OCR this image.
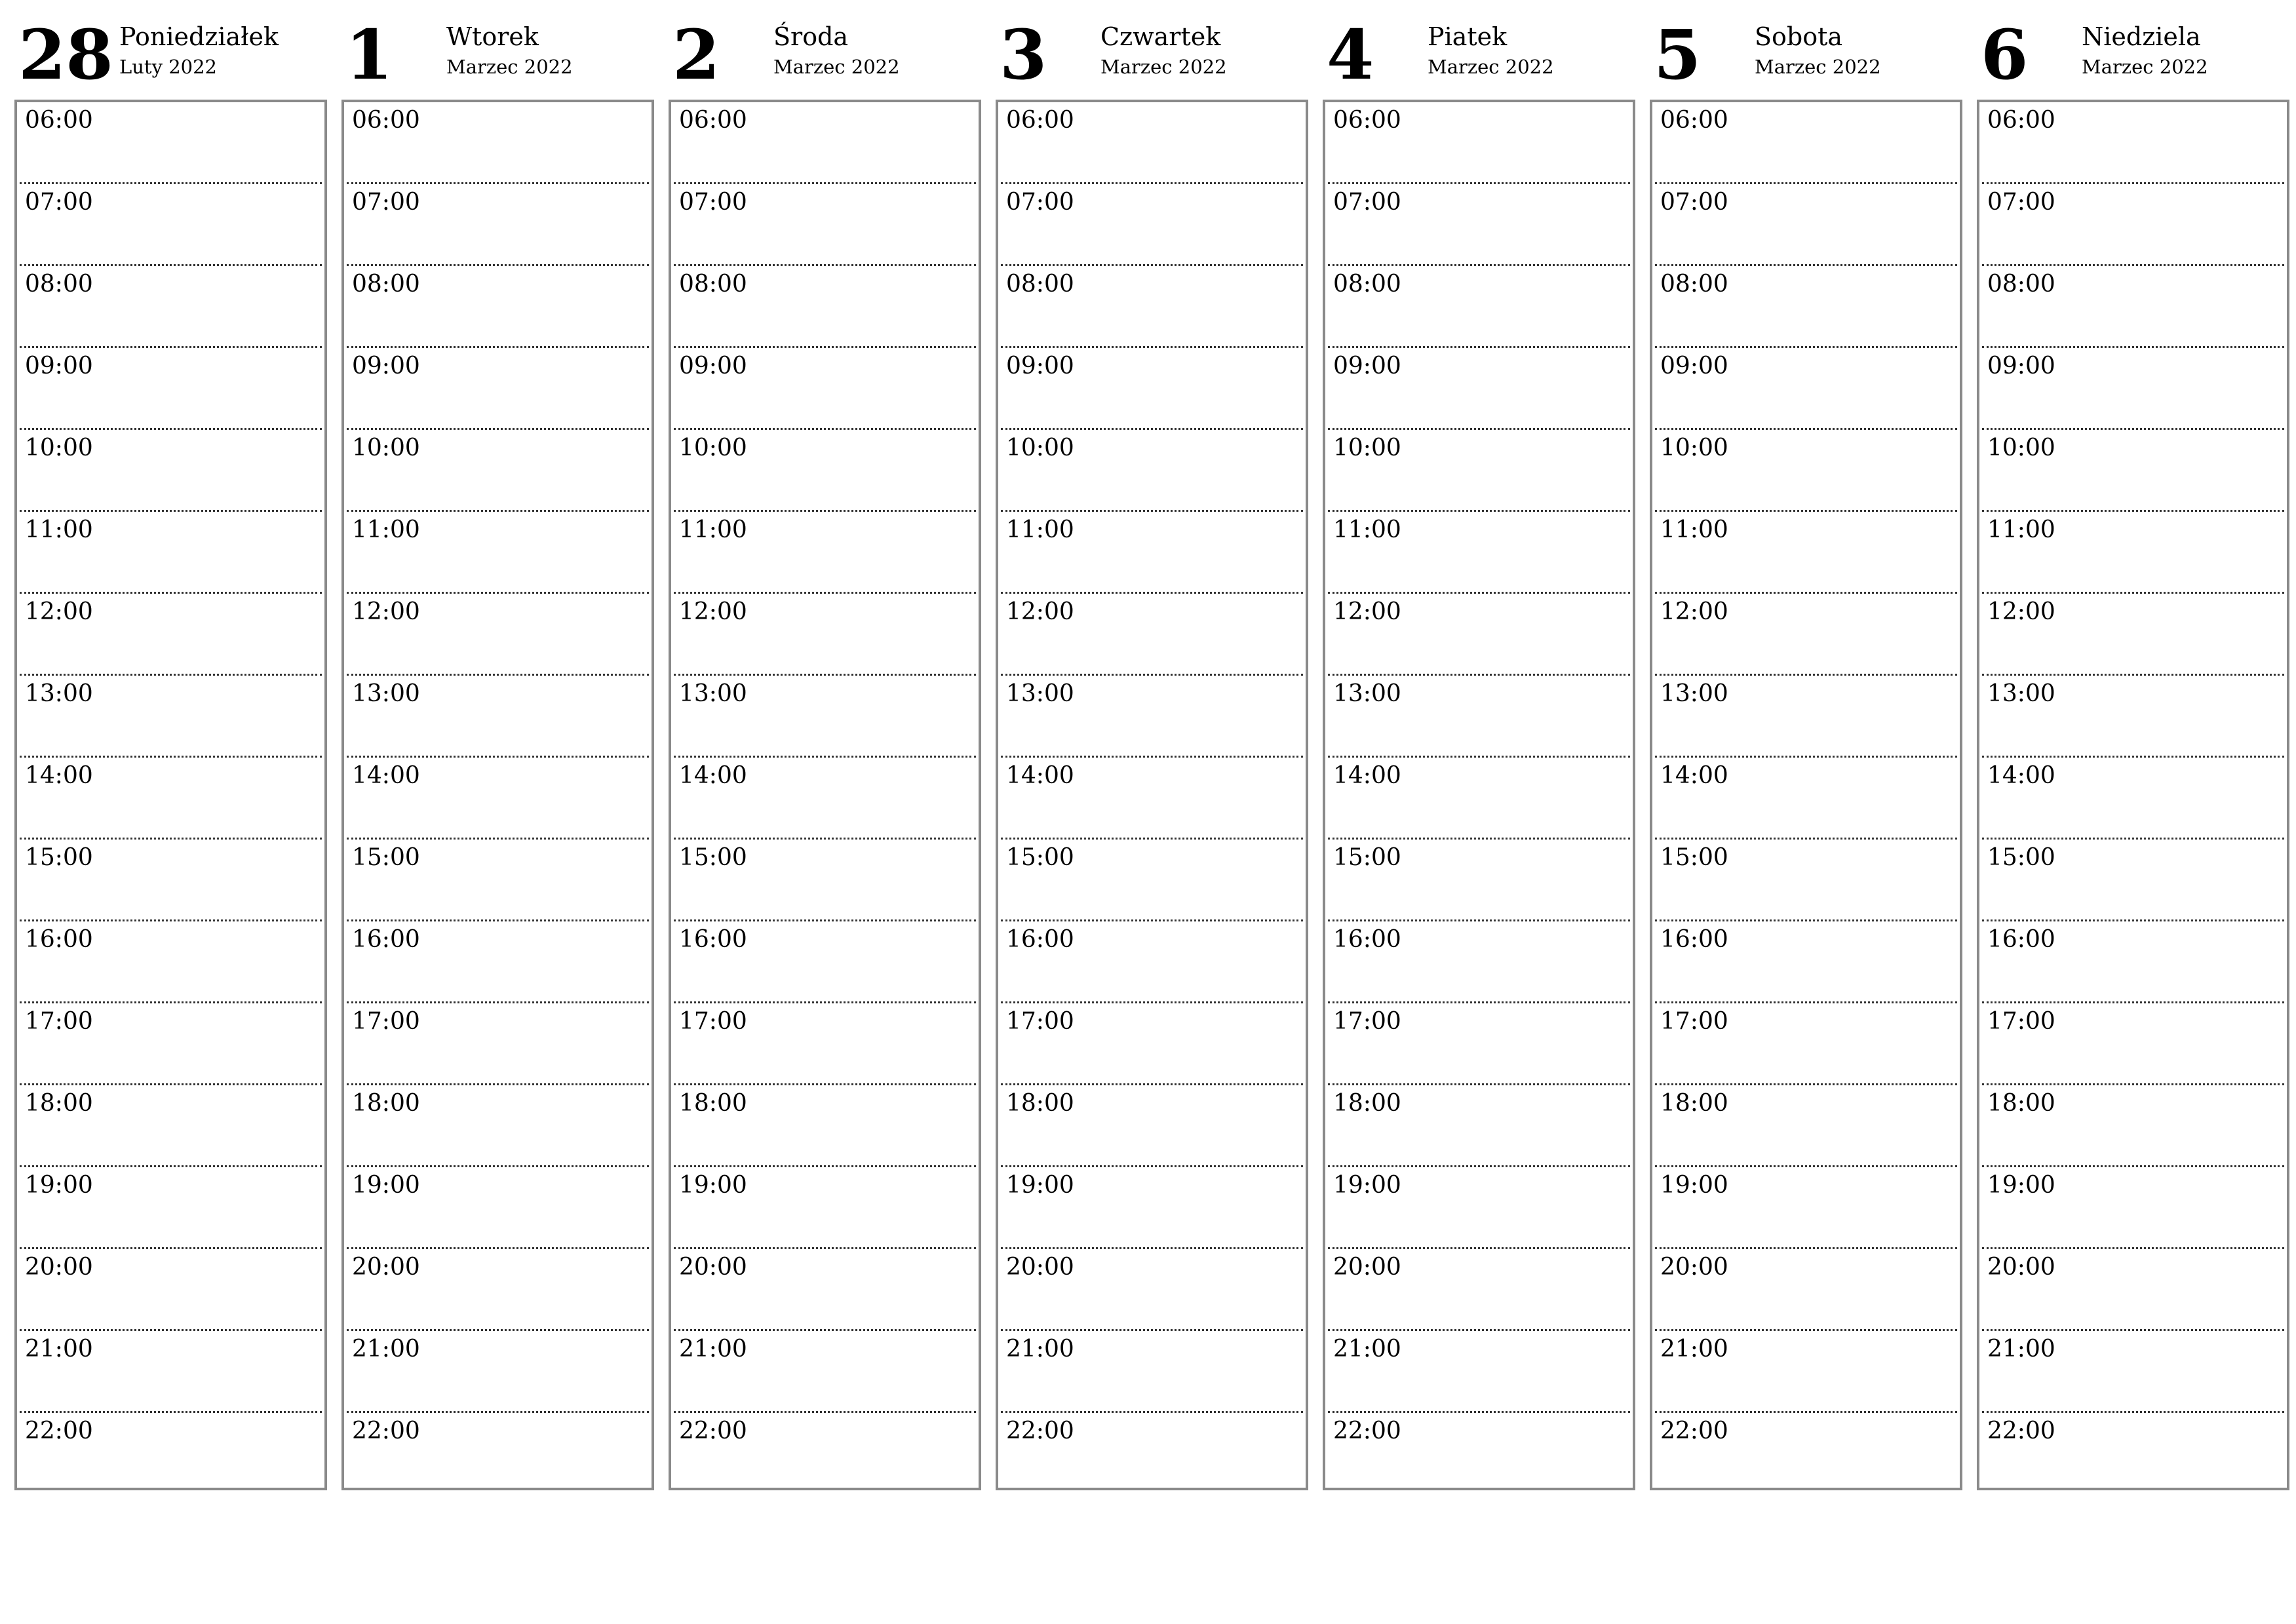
28 Poniedziałek
Luty 2022
06:00
07:00
08:00
09:00
10:00
11:00
12:00
13:00
14:00
15:00
16:00
17:00
18:00
19:00
20:00
21:00
22:00
1 Wtorek
Marzec 2022
06:00
07:00
08:00
09:00
10:00
11:00
12:00
13:00
14:00
15:00
16:00
17:00
18:00
19:00
20:00
21:00
22:00
2 Środa
Marzec 2022
06:00
07:00
08:00
09:00
10:00
11:00
12:00
13:00
14:00
15:00
16:00
17:00
18:00
19:00
20:00
21:00
22:00
3 Czwartek
Marzec 2022
06:00
07:00
08:00
09:00
10:00
11:00
12:00
13:00
14:00
15:00
16:00
17:00
18:00
19:00
20:00
21:00
22:00
4 Piatek
Marzec 2022
06:00
07:00
08:00
09:00
10:00
11:00
12:00
13:00
14:00
15:00
16:00
17:00
18:00
19:00
20:00
21:00
22:00
5 Sobota
Marzec 2022
06:00
07:00
08:00
09:00
10:00
11:00
12:00
13:00
14:00
15:00
16:00
17:00
18:00
19:00
20:00
21:00
22:00
6 Niedziela
Marzec 2022
06:00
07:00
08:00
09:00
10:00
11:00
12:00
13:00
14:00
15:00
16:00
17:00
18:00
19:00
20:00
21:00
22:00
